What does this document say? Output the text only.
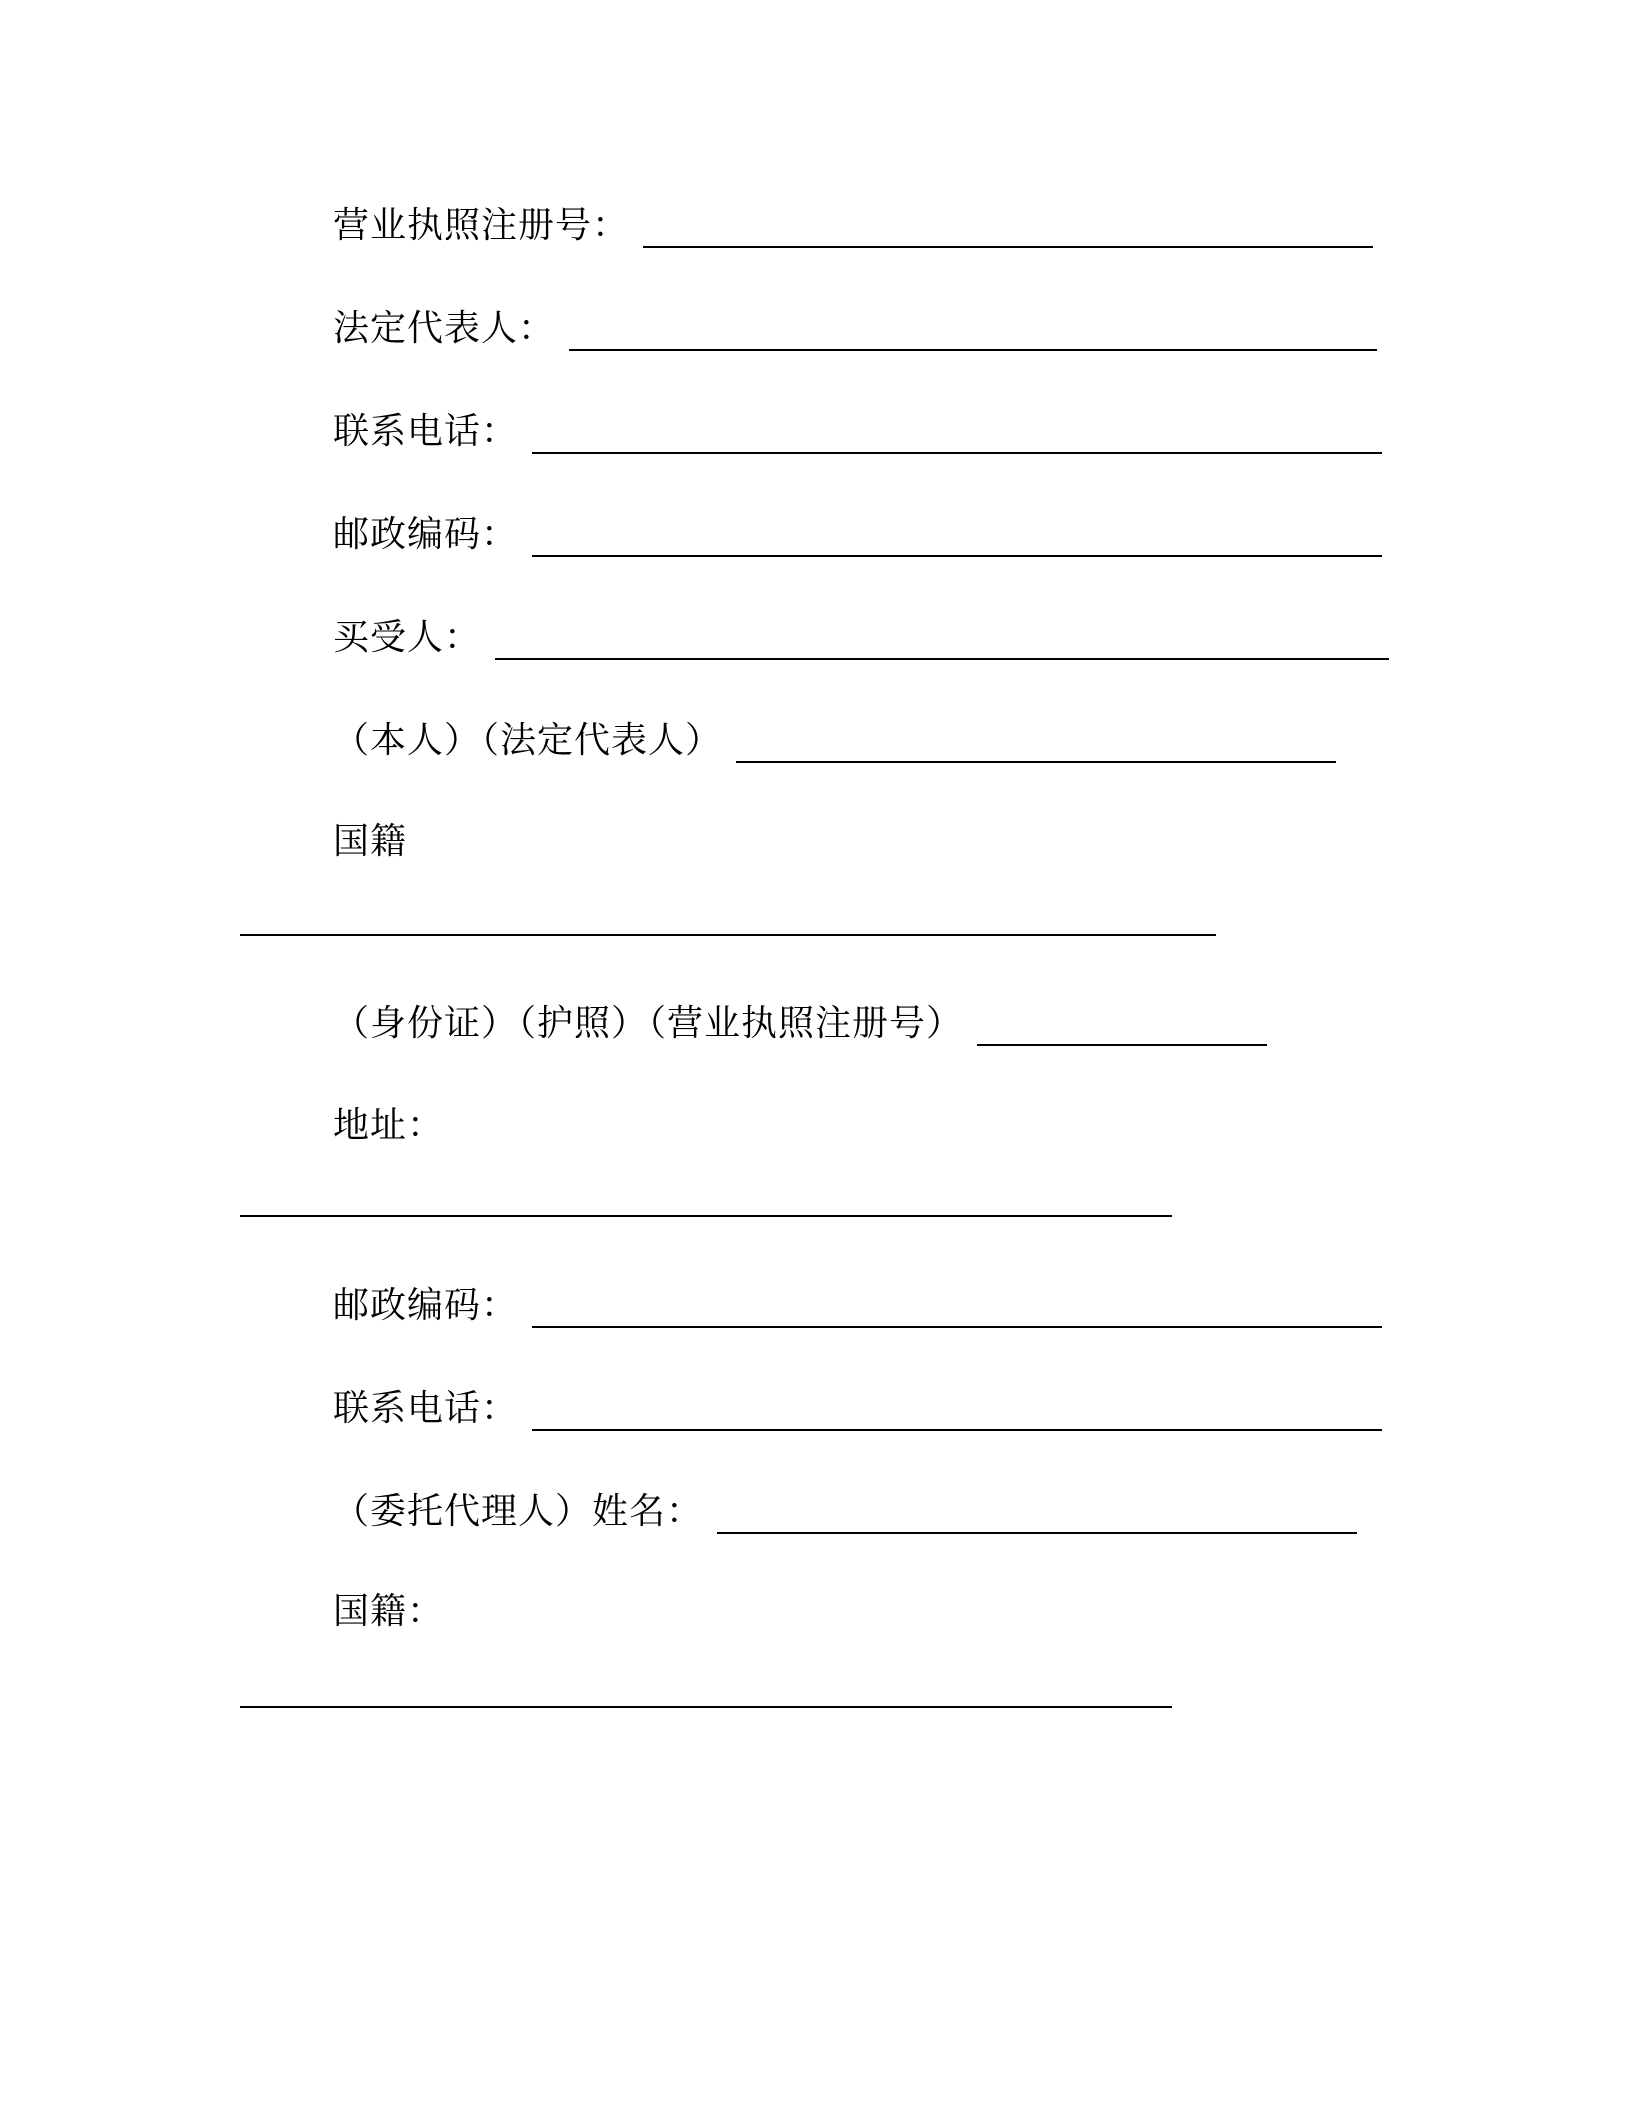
营业执照注册号：
法定代表人：
联系电话：
邮政编码：
买受人：
（本人）（法定代表人）
国籍
（身份证）（护照）（营业执照注册号）
地址：
邮政编码：
联系电话：
（委托代理人）姓名：
国籍：
